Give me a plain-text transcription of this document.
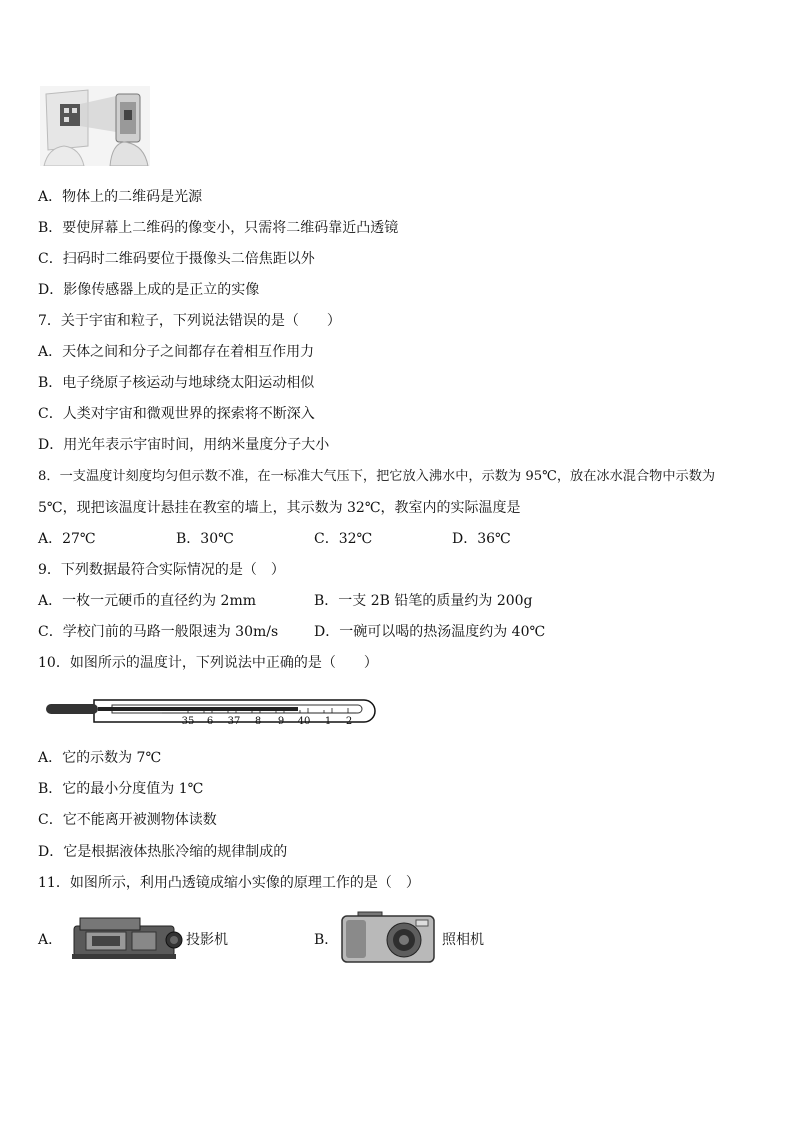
A．物体上的二维码是光源
B．要使屏幕上二维码的像变小，只需将二维码靠近凸透镜
C．扫码时二维码要位于摄像头二倍焦距以外
D．影像传感器上成的是正立的实像
7．关于宇宙和粒子，下列说法错误的是（　　）
A．天体之间和分子之间都存在着相互作用力
B．电子绕原子核运动与地球绕太阳运动相似
C．人类对宇宙和微观世界的探索将不断深入
D．用光年表示宇宙时间，用纳米量度分子大小
8．一支温度计刻度均匀但示数不准，在一标准大气压下，把它放入沸水中，示数为 95℃，放在冰水混合物中示数为
5℃，现把该温度计悬挂在教室的墙上，其示数为 32℃，教室内的实际温度是
A．27℃	B．30℃	C．32℃	D．36℃
9．下列数据最符合实际情况的是（　）
A．一枚一元硬币的直径约为 2mm	B．一支 2B 铅笔的质量约为 200g
C．学校门前的马路一般限速为 30m/s	D．一碗可以喝的热汤温度约为 40℃
10．如图所示的温度计，下列说法中正确的是（　　）
35 6 37 8 9 40 1 2
A．它的示数为 7℃
B．它的最小分度值为 1℃
C．它不能离开被测物体读数
D．它是根据液体热胀冷缩的规律制成的
11．如图所示，利用凸透镜成缩小实像的原理工作的是（　）
A．	投影机	B．	照相机
